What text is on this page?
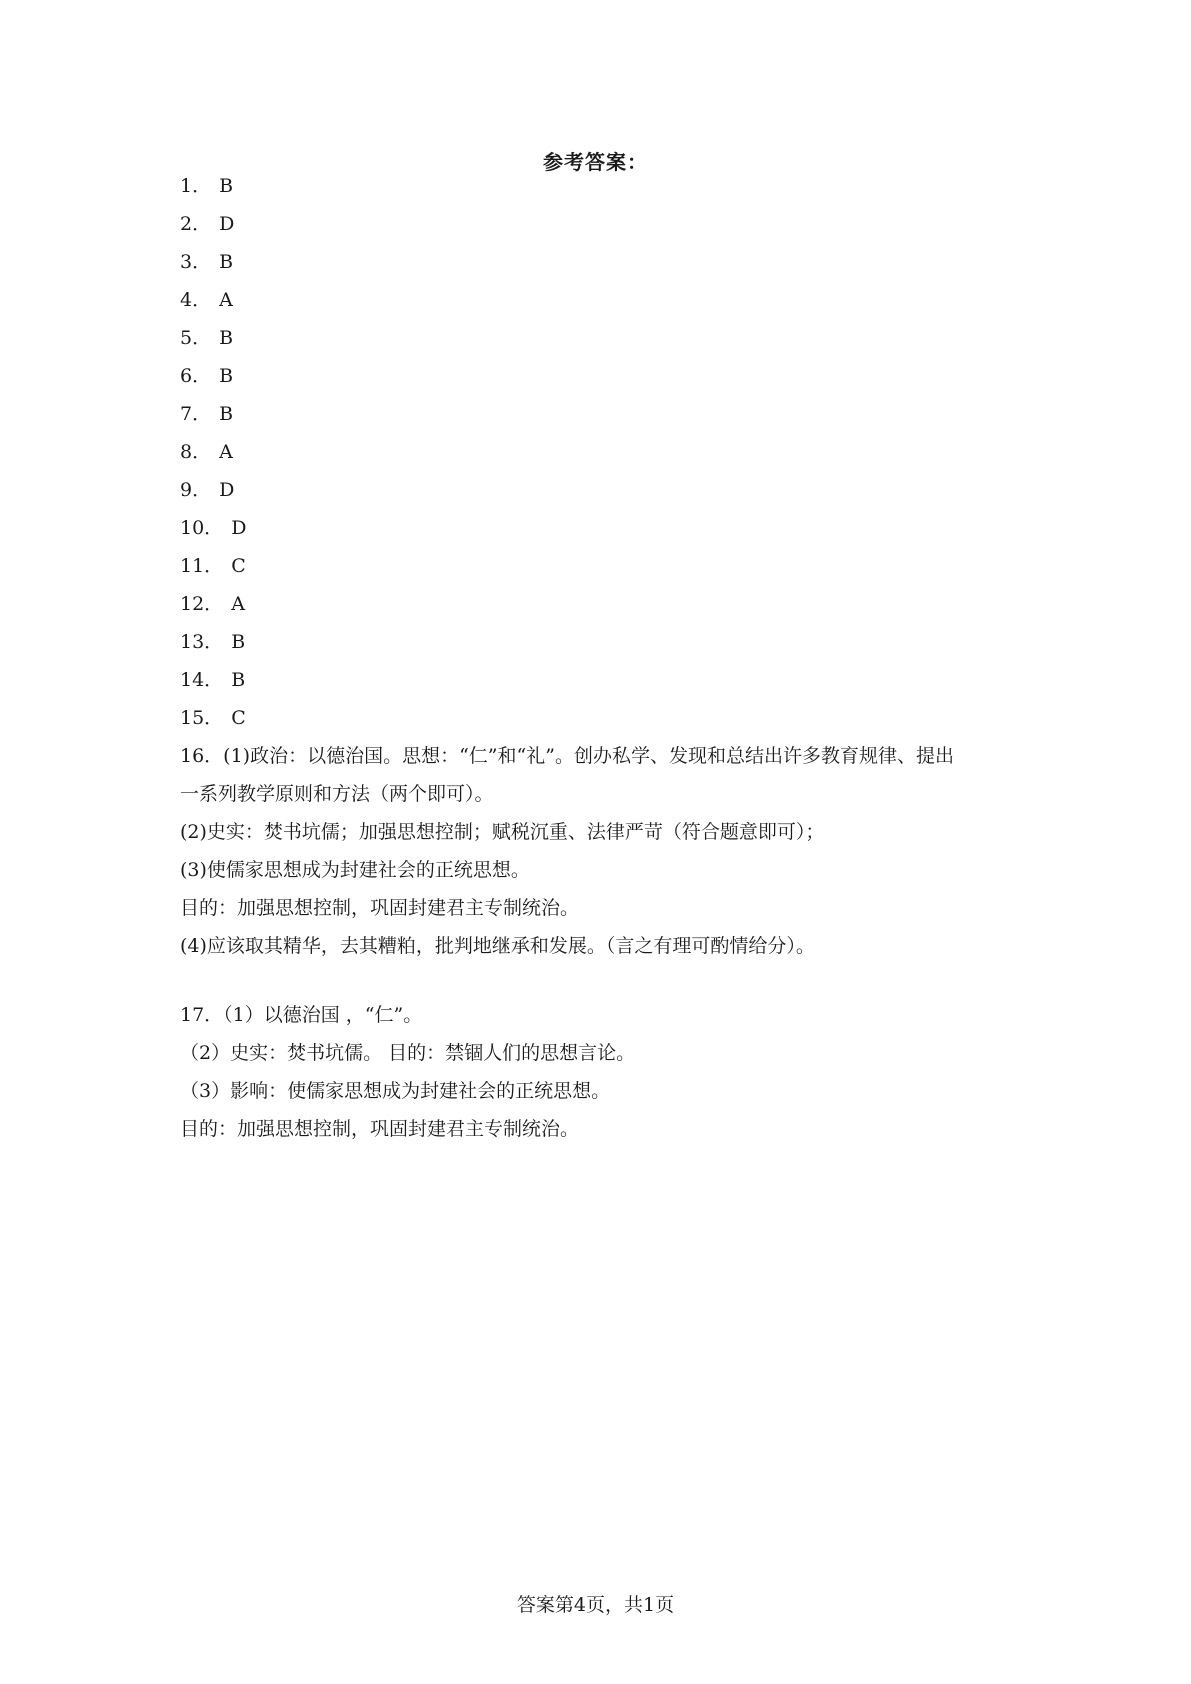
参考答案：
1． B
2． D
3． B
4． A
5． B
6． B
7． B
8． A
9． D
10． D
11． C
12． A
13． B
14． B
15． C
16．(1)政治：以德治国。思想：“仁”和“礼”。创办私学、发现和总结出许多教育规律、提出
一系列教学原则和方法（两个即可）。
(2)史实：焚书坑儒；加强思想控制；赋税沉重、法律严苛（符合题意即可）；
(3)使儒家思想成为封建社会的正统思想。
目的：加强思想控制，巩固封建君主专制统治。
(4)应该取其精华，去其糟粕，批判地继承和发展。（言之有理可酌情给分）。
17．（1）以德治国 ，“仁”。
（2）史实：焚书坑儒。 目的：禁锢人们的思想言论。
（3）影响：使儒家思想成为封建社会的正统思想。
目的：加强思想控制，巩固封建君主专制统治。
答案第4页，共1页
